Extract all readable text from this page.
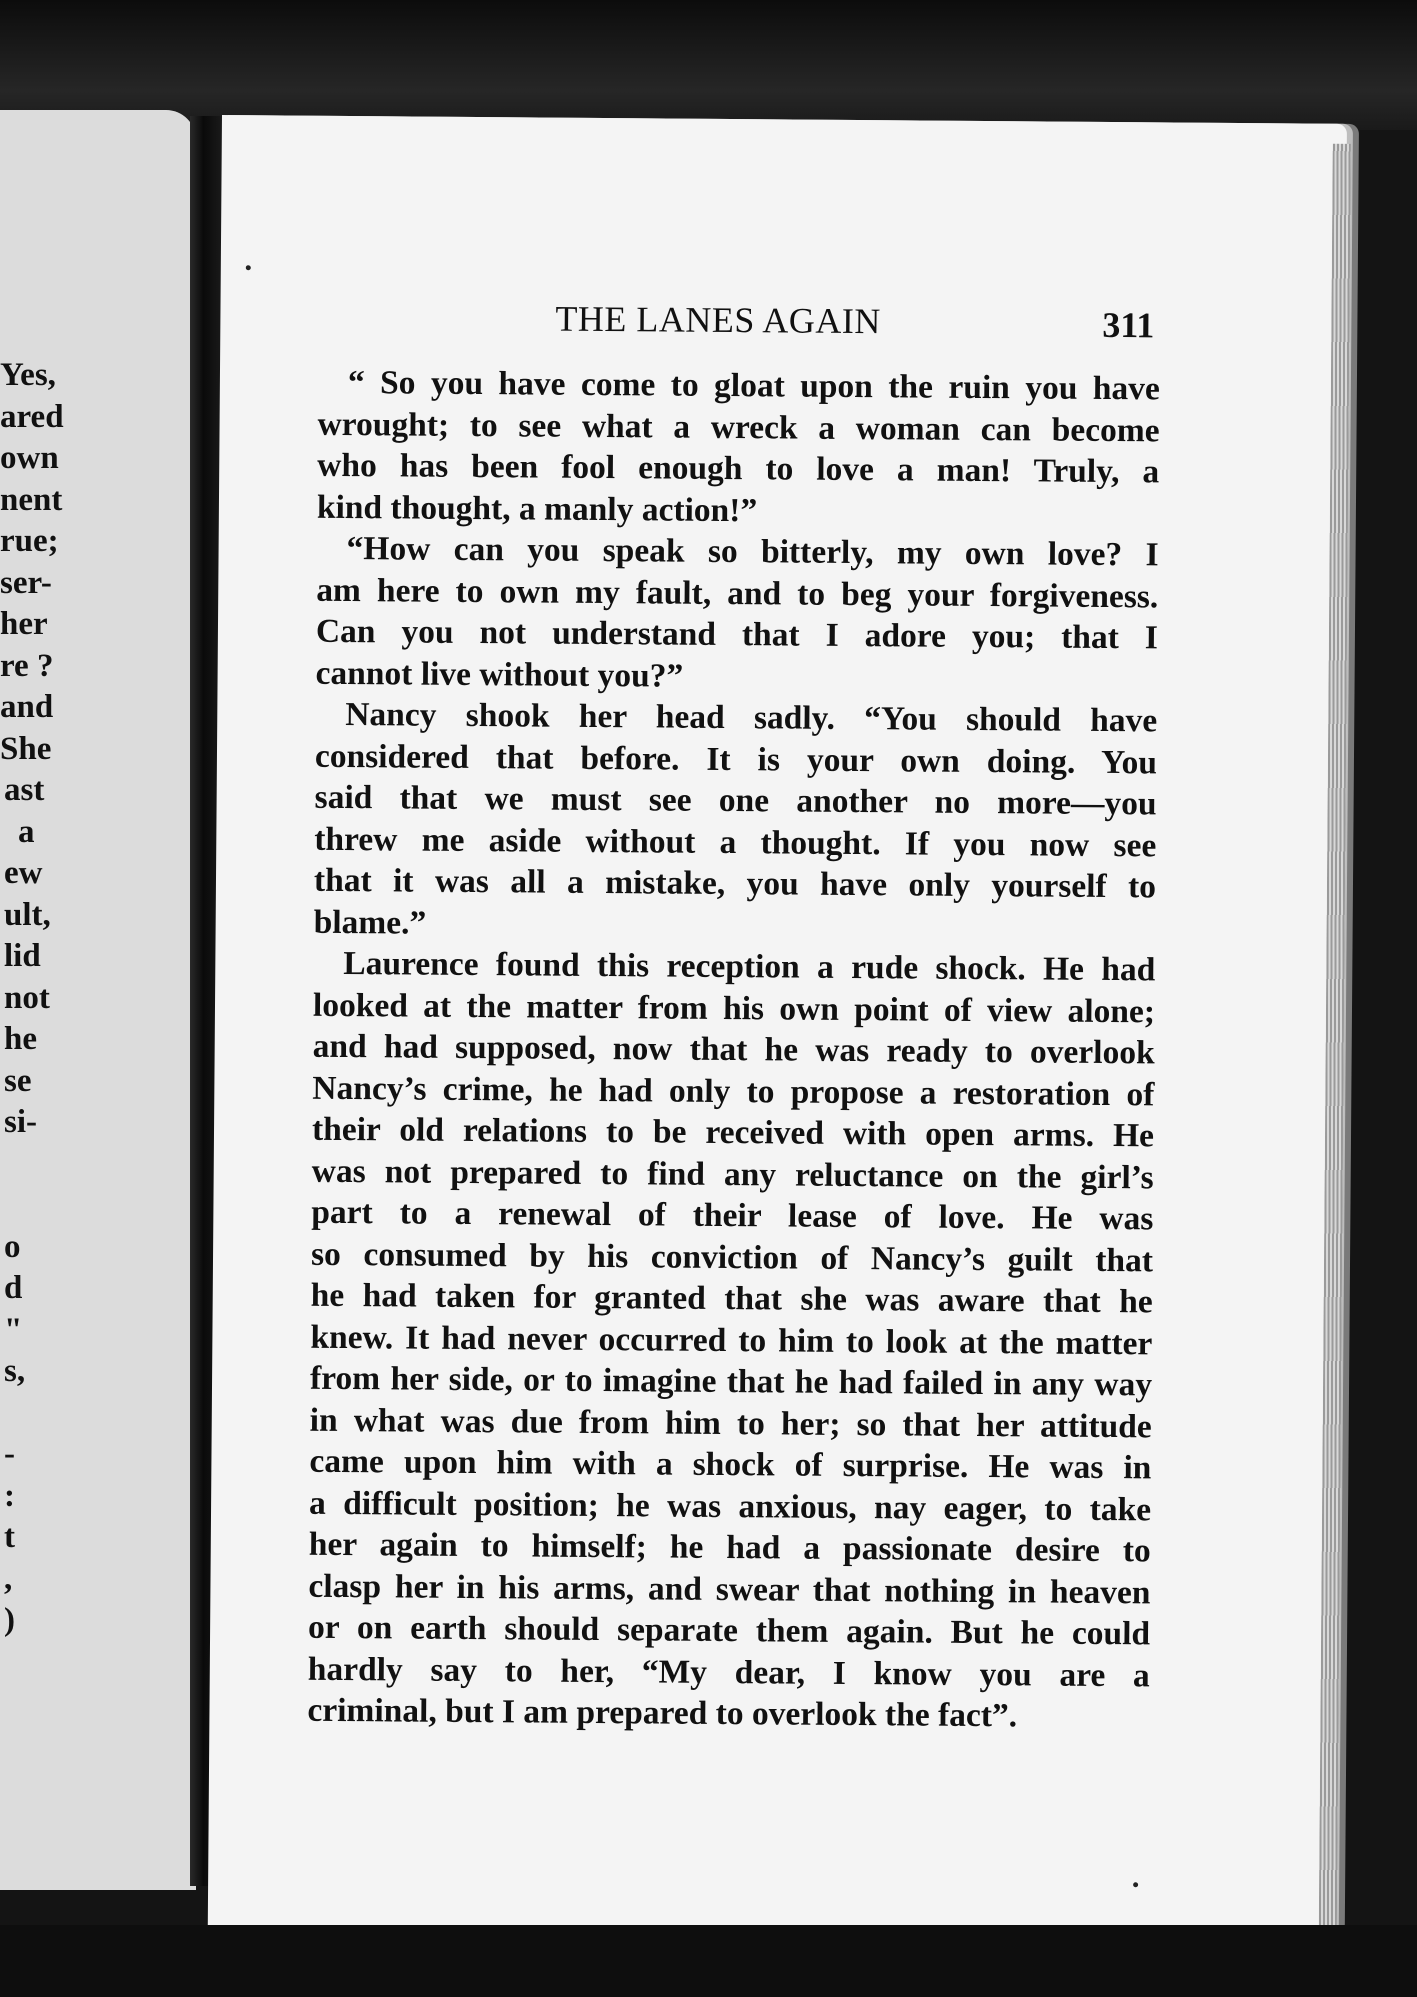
Yes,
ared
own
nent
rue;
ser-
her
re ?
and
She
ast
a
ew
ult,
lid
not
he
se
si-
o
d
"
s,
-
:
t
,
)
THE LANES AGAIN	311
“ So you have come to gloat upon the ruin you have
wrought; to see what a wreck a woman can become
who has been fool enough to love a man! Truly, a
kind thought, a manly action!”
“How can you speak so bitterly, my own love? I
am here to own my fault, and to beg your forgiveness.
Can you not understand that I adore you; that I
cannot live without you?”
Nancy shook her head sadly. “You should have
considered that before. It is your own doing. You
said that we must see one another no more—you
threw me aside without a thought. If you now see
that it was all a mistake, you have only yourself to
blame.”
Laurence found this reception a rude shock. He had
looked at the matter from his own point of view alone;
and had supposed, now that he was ready to overlook
Nancy’s crime, he had only to propose a restoration of
their old relations to be received with open arms. He
was not prepared to find any reluctance on the girl’s
part to a renewal of their lease of love. He was
so consumed by his conviction of Nancy’s guilt that
he had taken for granted that she was aware that he
knew. It had never occurred to him to look at the matter
from her side, or to imagine that he had failed in any way
in what was due from him to her; so that her attitude
came upon him with a shock of surprise. He was in
a difficult position; he was anxious, nay eager, to take
her again to himself; he had a passionate desire to
clasp her in his arms, and swear that nothing in heaven
or on earth should separate them again. But he could
hardly say to her, “My dear, I know you are a
criminal, but I am prepared to overlook the fact”.
